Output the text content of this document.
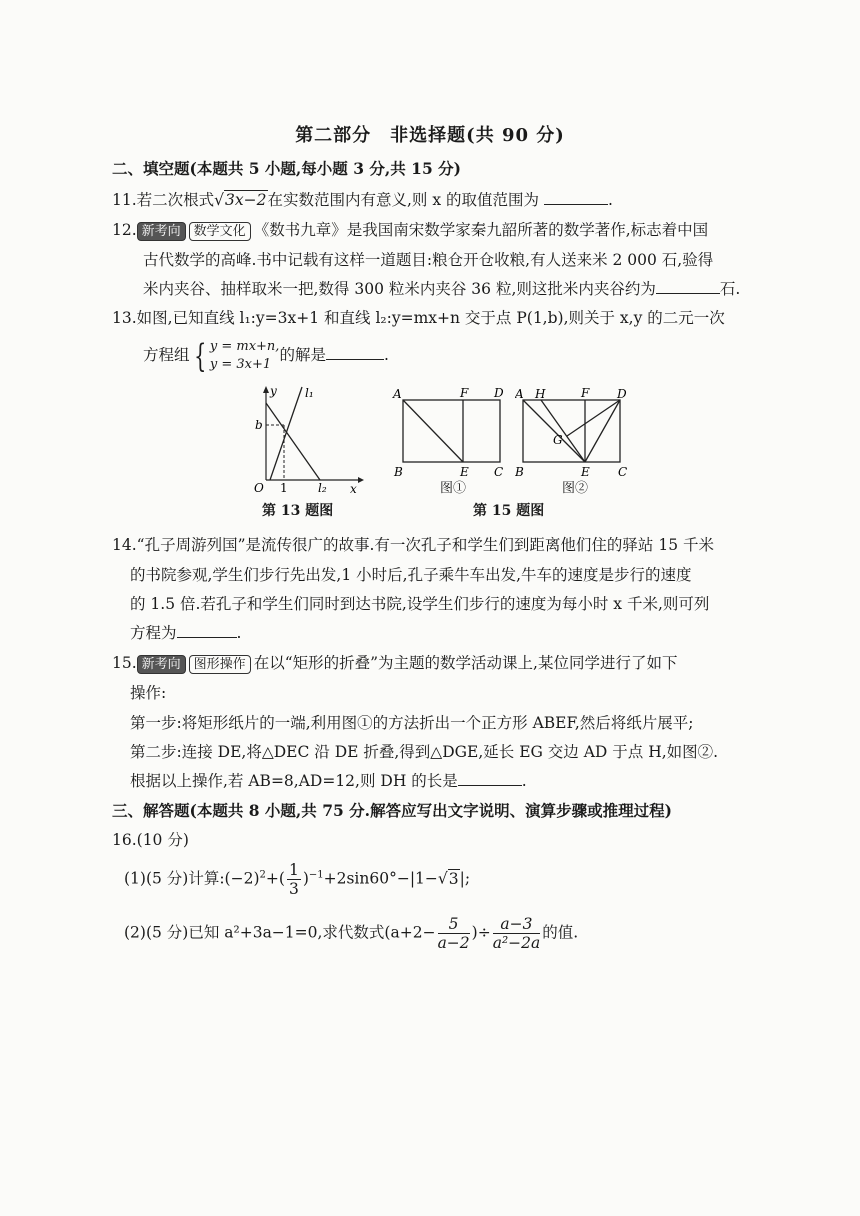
第二部分　非选择题(共 90 分)
二、填空题(本题共 5 小题,每小题 3 分,共 15 分)
11.若二次根式√3x−2在实数范围内有意义,则 x 的取值范围为	.
12. 新考向 数学文化 《数书九章》是我国南宋数学家秦九韶所著的数学著作,标志着中国
古代数学的高峰.书中记载有这样一道题目:粮仓开仓收粮,有人送来米 2 000 石,验得
米内夹谷、抽样取米一把,数得 300 粒米内夹谷 36 粒,则这批米内夹谷约为	石.
13.如图,已知直线 l₁:y=3x+1 和直线 l₂:y=mx+n 交于点 P(1,b),则关于 x,y 的二元一次
方程组 { y = mx+n,
y = 3x+1
的解是	.
y l₁
l₂
b
O 1	x
第 13 题图
A	F D
B	E C
图①
A H	F D
G
B	E C
图②
第 15 题图
14.“孔子周游列国”是流传很广的故事.有一次孔子和学生们到距离他们住的驿站 15 千米
的书院参观,学生们步行先出发,1 小时后,孔子乘牛车出发,牛车的速度是步行的速度
的 1.5 倍.若孔子和学生们同时到达书院,设学生们步行的速度为每小时 x 千米,则可列
方程为	.
15. 新考向 图形操作 在以“矩形的折叠”为主题的数学活动课上,某位同学进行了如下
操作:
第一步:将矩形纸片的一端,利用图①的方法折出一个正方形 ABEF,然后将纸片展平;
第二步:连接 DE,将△DEC 沿 DE 折叠,得到△DGE,延长 EG 交边 AD 于点 H,如图②.
根据以上操作,若 AB=8,AD=12,则 DH 的长是	.
三、解答题(本题共 8 小题,共 75 分.解答应写出文字说明、演算步骤或推理过程)
16.(10 分)
(1)(5 分)计算$:(-2)^2+( \frac{1}{3} )^{-1}+2\sin 60^\circ-|1-√3|$;
(2)(5 分)已知 a²+3a−1=0,求代数式($a+2- \frac{5}{a-2}$ )÷ $\frac{a-3}{\text{a²−2a}}$ 的值.
